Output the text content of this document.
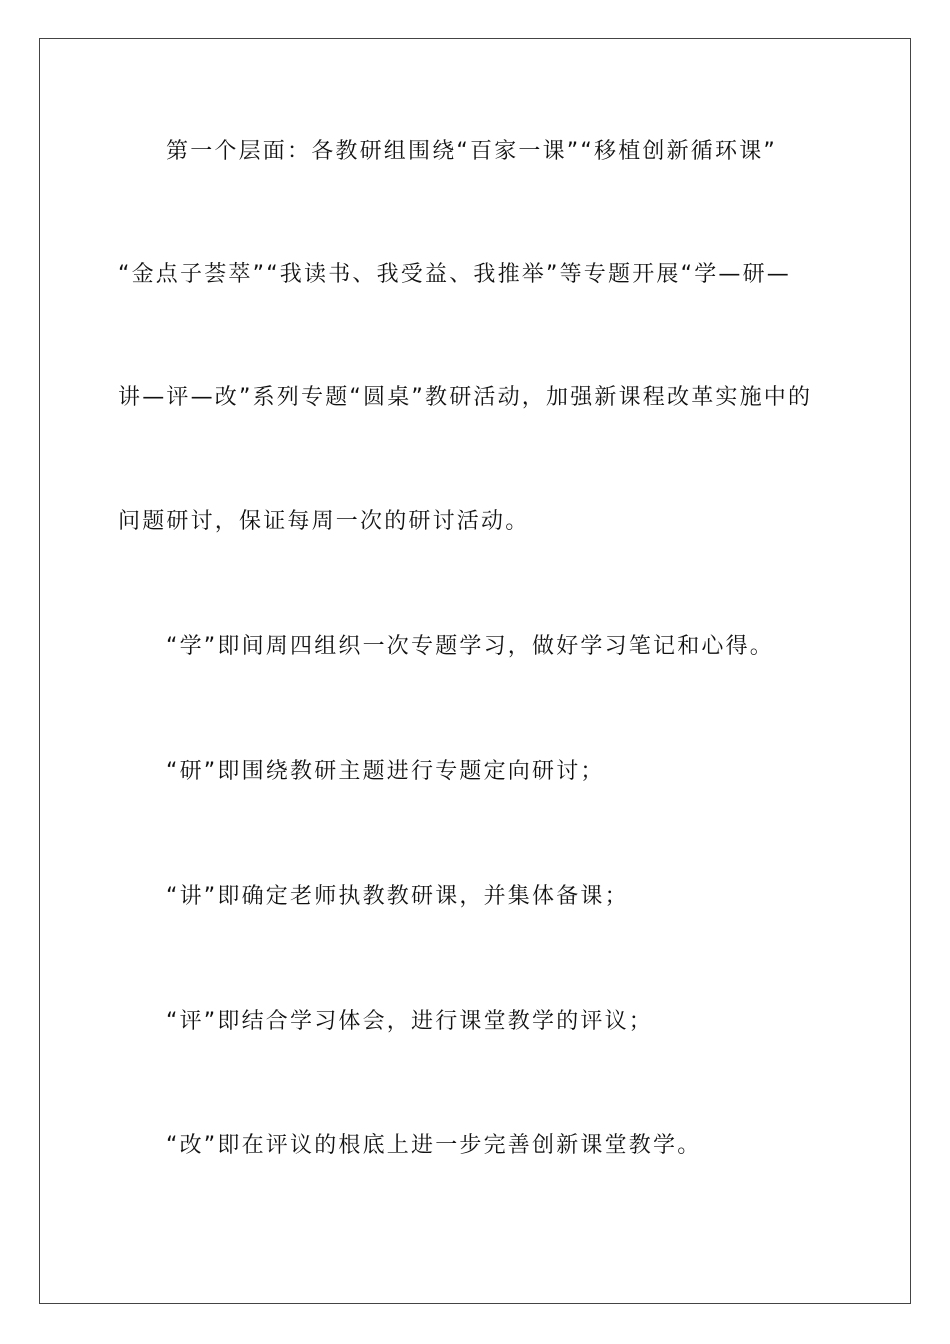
第一个层面：各教研组围绕“百家一课”“移植创新循环课”
“金点子荟萃”“我读书、我受益、我推举”等专题开展“学—研—
讲—评—改”系列专题“圆桌”教研活动，加强新课程改革实施中的
问题研讨，保证每周一次的研讨活动。
“学”即间周四组织一次专题学习，做好学习笔记和心得。
“研”即围绕教研主题进行专题定向研讨；
“讲”即确定老师执教教研课，并集体备课；
“评”即结合学习体会，进行课堂教学的评议；
“改”即在评议的根底上进一步完善创新课堂教学。
